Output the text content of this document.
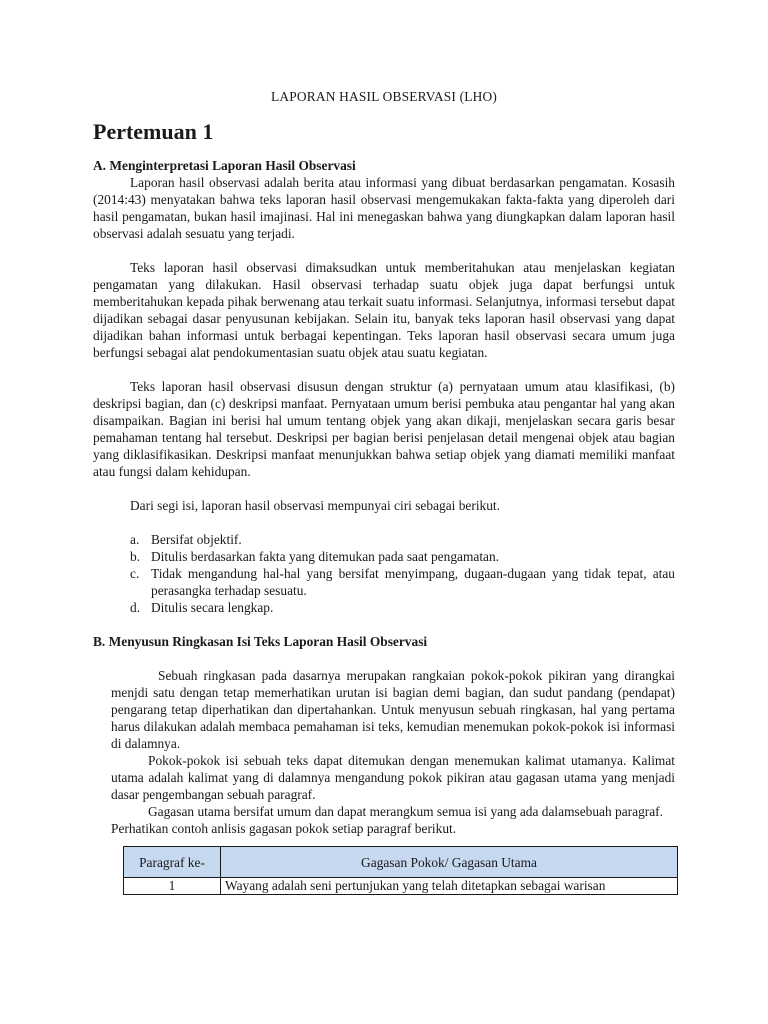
LAPORAN HASIL OBSERVASI (LHO)
Pertemuan 1
A. Menginterpretasi Laporan Hasil Observasi

Laporan hasil observasi adalah berita atau informasi yang dibuat berdasarkan pengamatan. Kosasih (2014:43) menyatakan bahwa teks laporan hasil observasi mengemukakan fakta-fakta yang diperoleh dari hasil pengamatan, bukan hasil imajinasi. Hal ini menegaskan bahwa yang diungkapkan dalam laporan hasil observasi adalah sesuatu yang terjadi.

Teks laporan hasil observasi dimaksudkan untuk memberitahukan atau menjelaskan kegiatan pengamatan yang dilakukan. Hasil observasi terhadap suatu objek juga dapat berfungsi untuk memberitahukan kepada pihak berwenang atau terkait suatu informasi. Selanjutnya, informasi tersebut dapat dijadikan sebagai dasar penyusunan kebijakan. Selain itu, banyak teks laporan hasil observasi yang dapat dijadikan bahan informasi untuk berbagai kepentingan. Teks laporan hasil observasi secara umum juga berfungsi sebagai alat pendokumentasian suatu objek atau suatu kegiatan.

Teks laporan hasil observasi disusun dengan struktur (a) pernyataan umum atau klasifikasi, (b) deskripsi bagian, dan (c) deskripsi manfaat. Pernyataan umum berisi pembuka atau pengantar hal yang akan disampaikan. Bagian ini berisi hal umum tentang objek yang akan dikaji, menjelaskan secara garis besar pemahaman tentang hal tersebut. Deskripsi per bagian berisi penjelasan detail mengenai objek atau bagian yang diklasifikasikan. Deskripsi manfaat menunjukkan bahwa setiap objek yang diamati memiliki manfaat atau fungsi dalam kehidupan.

Dari segi isi, laporan hasil observasi mempunyai ciri sebagai berikut.

a. Bersifat objektif.
b. Ditulis berdasarkan fakta yang ditemukan pada saat pengamatan.
c. Tidak mengandung hal-hal yang bersifat menyimpang, dugaan-dugaan yang tidak tepat, atau perasangka terhadap sesuatu.
d. Ditulis secara lengkap.
B. Menyusun Ringkasan Isi Teks Laporan Hasil Observasi

Sebuah ringkasan pada dasarnya merupakan rangkaian pokok-pokok pikiran yang dirangkai menjdi satu dengan tetap memerhatikan urutan isi bagian demi bagian, dan sudut pandang (pendapat) pengarang tetap diperhatikan dan dipertahankan. Untuk menyusun sebuah ringkasan, hal yang pertama harus dilakukan adalah membaca pemahaman isi teks, kemudian menemukan pokok-pokok isi informasi di dalamnya.

Pokok-pokok isi sebuah teks dapat ditemukan dengan menemukan kalimat utamanya. Kalimat utama adalah kalimat yang di dalamnya mengandung pokok pikiran atau gagasan utama yang menjadi dasar pengembangan sebuah paragraf.

Gagasan utama bersifat umum dan dapat merangkum semua isi yang ada dalamsebuah paragraf.

Perhatikan contoh anlisis gagasan pokok setiap paragraf berikut.

Paragraf ke-	Gagasan Pokok/ Gagasan Utama
1	Wayang adalah seni pertunjukan yang telah ditetapkan sebagai warisan
